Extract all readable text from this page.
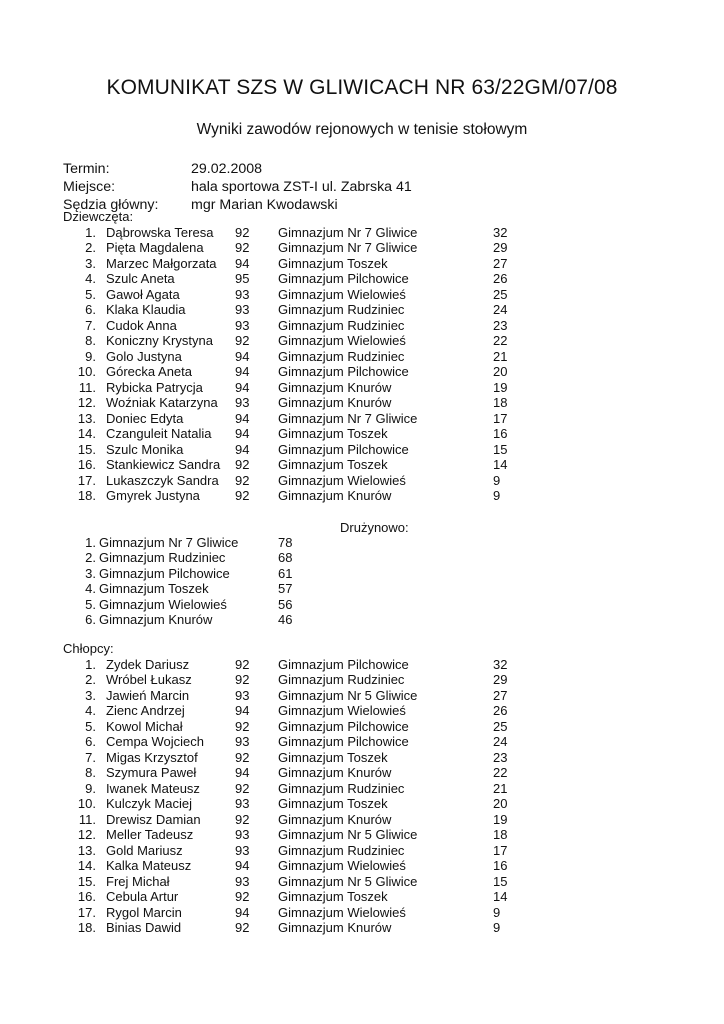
KOMUNIKAT SZS W GLIWICACH NR 63/22GM/07/08
Wyniki zawodów rejonowych w tenisie stołowym
Termin:	29.02.2008
Miejsce:	hala sportowa ZST-I ul. Zabrska 41
Sędzia główny: mgr Marian Kwodawski
Dziewczęta:
1. Dąbrowska Teresa 92 Gimnazjum Nr 7 Gliwice	32
2. Pięta Magdalena 92 Gimnazjum Nr 7 Gliwice	29
3. Marzec Małgorzata 94 Gimnazjum Toszek	27
4. Szulc Aneta	95 Gimnazjum Pilchowice	26
5. Gawoł Agata	93 Gimnazjum Wielowieś	25
6. Klaka Klaudia	93 Gimnazjum Rudziniec	24
7. Cudok Anna	93 Gimnazjum Rudziniec	23
8. Koniczny Krystyna 92 Gimnazjum Wielowieś	22
9. Golo Justyna	94 Gimnazjum Rudziniec	21
10. Górecka Aneta	94 Gimnazjum Pilchowice	20
11. Rybicka Patrycja 94 Gimnazjum Knurów	19
12. Woźniak Katarzyna 93 Gimnazjum Knurów	18
13. Doniec Edyta	94 Gimnazjum Nr 7 Gliwice	17
14. Czanguleit Natalia 94 Gimnazjum Toszek	16
15. Szulc Monika	94 Gimnazjum Pilchowice	15
16. Stankiewicz Sandra 92 Gimnazjum Toszek	14
17. Lukaszczyk Sandra 92 Gimnazjum Wielowieś	9
18. Gmyrek Justyna	92 Gimnazjum Knurów	9
Drużynowo:
1. Gimnazjum Nr 7 Gliwice	78
2. Gimnazjum Rudziniec	68
3. Gimnazjum Pilchowice	61
4. Gimnazjum Toszek	57
5. Gimnazjum Wielowieś	56
6. Gimnazjum Knurów	46
Chłopcy:
1. Zydek Dariusz	92 Gimnazjum Pilchowice	32
2. Wróbel Łukasz	92 Gimnazjum Rudziniec	29
3. Jawień Marcin	93 Gimnazjum Nr 5 Gliwice	27
4. Zienc Andrzej	94 Gimnazjum Wielowieś	26
5. Kowol Michał	92 Gimnazjum Pilchowice	25
6. Cempa Wojciech 93 Gimnazjum Pilchowice	24
7. Migas Krzysztof	92 Gimnazjum Toszek	23
8. Szymura Paweł	94 Gimnazjum Knurów	22
9. Iwanek Mateusz	92 Gimnazjum Rudziniec	21
10. Kulczyk Maciej	93 Gimnazjum Toszek	20
11. Drewisz Damian	92 Gimnazjum Knurów	19
12. Meller Tadeusz	93 Gimnazjum Nr 5 Gliwice	18
13. Gold Mariusz	93 Gimnazjum Rudziniec	17
14. Kalka Mateusz	94 Gimnazjum Wielowieś	16
15. Frej Michał	93 Gimnazjum Nr 5 Gliwice	15
16. Cebula Artur	92 Gimnazjum Toszek	14
17. Rygol Marcin	94 Gimnazjum Wielowieś	9
18. Binias Dawid	92 Gimnazjum Knurów	9
